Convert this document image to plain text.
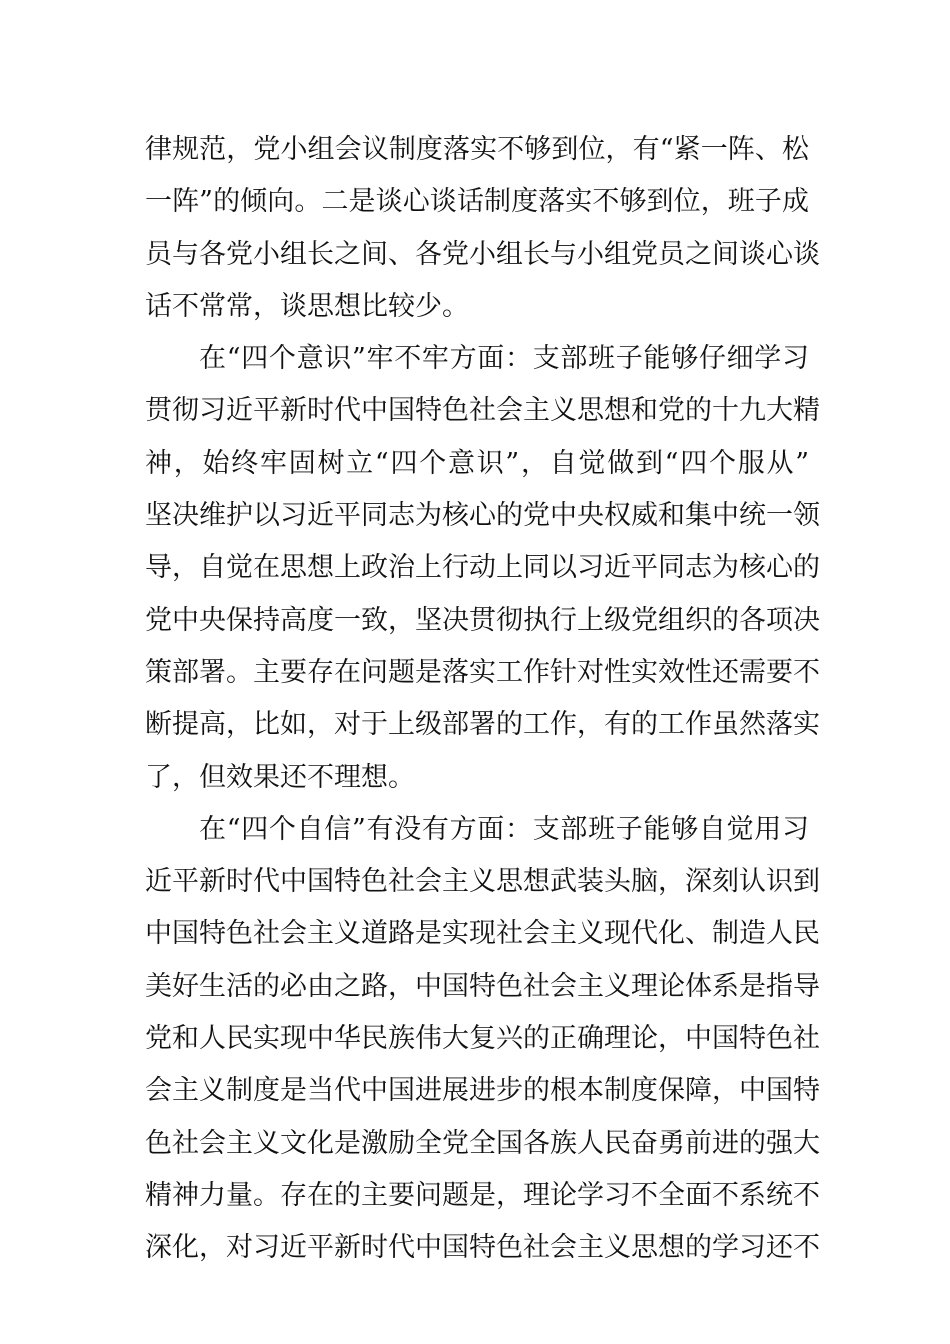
律规范，党小组会议制度落实不够到位，有“紧一阵、松
一阵”的倾向。二是谈心谈话制度落实不够到位，班子成
员与各党小组长之间、各党小组长与小组党员之间谈心谈
话不常常，谈思想比较少。
在“四个意识”牢不牢方面：支部班子能够仔细学习
贯彻习近平新时代中国特色社会主义思想和党的十九大精
神，始终牢固树立“四个意识”，自觉做到“四个服从”
坚决维护以习近平同志为核心的党中央权威和集中统一领
导，自觉在思想上政治上行动上同以习近平同志为核心的
党中央保持高度一致，坚决贯彻执行上级党组织的各项决
策部署。主要存在问题是落实工作针对性实效性还需要不
断提高，比如，对于上级部署的工作，有的工作虽然落实
了，但效果还不理想。
在“四个自信”有没有方面：支部班子能够自觉用习
近平新时代中国特色社会主义思想武装头脑，深刻认识到
中国特色社会主义道路是实现社会主义现代化、制造人民
美好生活的必由之路，中国特色社会主义理论体系是指导
党和人民实现中华民族伟大复兴的正确理论，中国特色社
会主义制度是当代中国进展进步的根本制度保障，中国特
色社会主义文化是激励全党全国各族人民奋勇前进的强大
精神力量。存在的主要问题是，理论学习不全面不系统不
深化，对习近平新时代中国特色社会主义思想的学习还不
